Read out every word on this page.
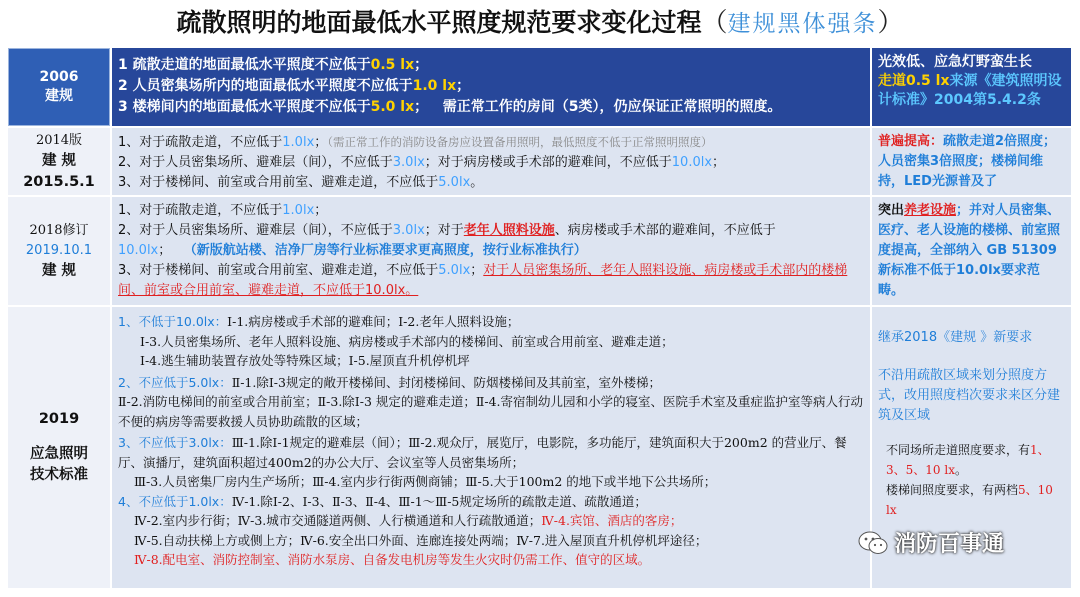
疏散照明的地面最低水平照度规范要求变化过程（建规黑体强条）
2006
建规
1 疏散走道的地面最低水平照度不应低于0.5 lx；
2 人员密集场所内的地面最低水平照度不应低于1.0 lx；
3 楼梯间内的地面最低水平照度不应低于5.0 lx； 需正常工作的房间（5类），仍应保证正常照明的照度。
光效低、应急灯野蛮生长
走道0.5 lx来源《建筑照明设计标准》2004第5.4.2条
2014版
建 规
2015.5.1
1、对于疏散走道，不应低于1.0lx；（需正常工作的消防设备房应设置备用照明，最低照度不低于正常照明照度）
2、对于人员密集场所、避难层（间），不应低于3.0lx；对于病房楼或手术部的避难间，不应低于10.0lx；
3、对于楼梯间、前室或合用前室、避难走道，不应低于5.0lx。
普遍提高：疏散走道2倍照度；人员密集3倍照度；楼梯间维持，LED光源普及了
2018修订
2019.10.1
建 规
1、对于疏散走道，不应低于1.0lx；
2、对于人员密集场所、避难层（间），不应低于3.0lx；对于老年人照料设施、病房楼或手术部的避难间，不应低于10.0lx； （新版航站楼、洁净厂房等行业标准要求更高照度，按行业标准执行）
3、对于楼梯间、前室或合用前室、避难走道，不应低于5.0lx；对于人员密集场所、老年人照料设施、病房楼或手术部内的楼梯间、前室或合用前室、避难走道，不应低于10.0lx。
突出养老设施；并对人员密集、医疗、老人设施的楼梯、前室照度提高，全部纳入 GB 51309 新标准不低于10.0lx要求范畴。
2019
应急照明
技术标准
1、不低于10.0lx：Ⅰ-1.病房楼或手术部的避难间；Ⅰ-2.老年人照料设施；
Ⅰ-3.人员密集场所、老年人照料设施、病房楼或手术部内的楼梯间、前室或合用前室、避难走道；
Ⅰ-4.逃生辅助装置存放处等特殊区域；Ⅰ-5.屋顶直升机停机坪
2、不应低于5.0lx：Ⅱ-1.除Ⅰ-3规定的敞开楼梯间、封闭楼梯间、防烟楼梯间及其前室，室外楼梯；
Ⅱ-2.消防电梯间的前室或合用前室；Ⅱ-3.除Ⅰ-3 规定的避难走道；Ⅱ-4.寄宿制幼儿园和小学的寝室、医院手术室及重症监护室等病人行动不便的病房等需要救援人员协助疏散的区域；
3、不应低于3.0lx：Ⅲ-1.除Ⅰ-1规定的避难层（间）；Ⅲ-2.观众厅，展览厅，电影院，多功能厅，建筑面积大于200m2 的营业厅、餐厅、演播厅，建筑面积超过400m2的办公大厅、会议室等人员密集场所；
Ⅲ-3.人员密集厂房内生产场所；Ⅲ-4.室内步行街两侧商铺；Ⅲ-5.大于100m2 的地下或半地下公共场所；
4、不应低于1.0lx：Ⅳ-1.除Ⅰ-2、Ⅰ-3、Ⅱ-3、Ⅱ-4、Ⅲ-1～Ⅲ-5规定场所的疏散走道、疏散通道；
Ⅳ-2.室内步行街；Ⅳ-3.城市交通隧道两侧、人行横通道和人行疏散通道；Ⅳ-4.宾馆、酒店的客房；
Ⅳ-5.自动扶梯上方或侧上方；Ⅳ-6.安全出口外面、连廊连接处两端；Ⅳ-7.进入屋顶直升机停机坪途径；
Ⅳ-8.配电室、消防控制室、消防水泵房、自备发电机房等发生火灾时仍需工作、值守的区域。
继承2018《建规 》新要求
不沿用疏散区域来划分照度方式，改用照度档次要求来区分建筑及区域
不同场所走道照度要求，有1、3、5、10 lx。
楼梯间照度要求，有两档5、10 lx
消防百事通
